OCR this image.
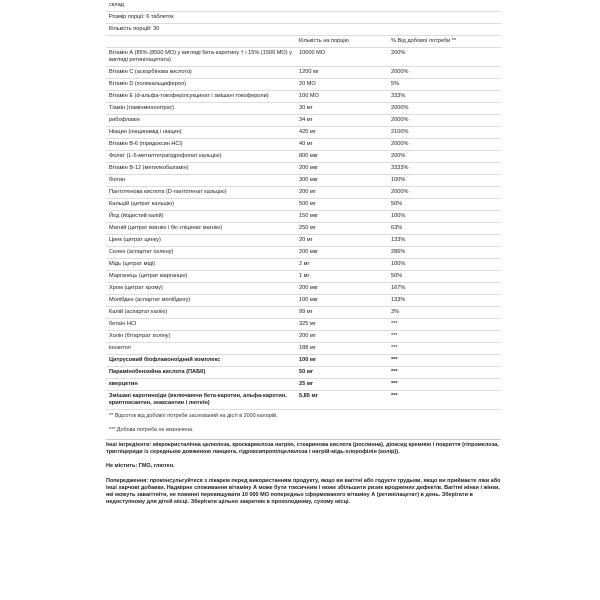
склад		
Розмір порції: 6 таблеток		
Кількість порцій: 30		
	Кількість на порцію	% Від добової потреби **
Вітамін А (85% (8500 МО) у вигляді бета-каротину † і 15% (1500 МО) у вигляді ретинілацетата)	10000 МО	200%
Вітамін С (аскорбінова кислота)	1200 мг	2000%
Вітамін D (холекальциферол)	20 МО	5%
Вітамін Е (d-альфа-токоферілсукцинат і змішані токофероли)	100 МО	333%
Тіамін (тіамінмононітрат)	30 мг	2000%
рибофлавін	34 мг	2000%
Ніацин (ніацинамід і ніацин)	420 мг	2100%
Вітамін B-6 (піридоксин HCl)	40 мг	2000%
Фолат (L-5-метилтетрагідрофолат кальцію)	800 мкг	200%
Вітамін B-12 (метилкобаламін)	200 мкг	3333%
біотин	300 мкг	100%
Пантотенова кислота (D-пантотенат кальцію)	200 мг	2000%
Кальцій (цитрат кальцію)	500 мг	50%
Йод (йодистий калій)	150 мкг	100%
Магній (цитрат магнію і біс-гліцинат магнію)	250 мг	63%
Цинк (цитрат цинку)	20 мг	133%
Селен (аспартат селену)	200 мкг	286%
Мідь (цитрат міді)	2 мг	100%
Марганець (цитрат марганцю)	1 мг	50%
Хром (цитрат хрому)	200 мкг	167%
Молібден (аспартат молібдену)	100 мкг	133%
Калій (аспартат калію)	99 мг	3%
бетаїн HCl	325 мг	***
Холін (бітартрат холіну)	200 мг	***
інозитол	188 мг	***
Цитрусовий біофлавоноїдний комплекс	100 мг	***
Парамінобензойна кислота (ПАБК)	50 мг	***
кверцетин	25 мг	***
Змішані каротиноїди (включаючи бета-каротин, альфа-каротин, криптоксантин, зеаксантин і лютеїн)	5,85 мг	***
** Відсоток від добової потреби заснований на дієті в 2000 калорій.
*** Добова потреба не визначена.

Інші інгредієнти: мікрокристалічна целюлоза, кроскармелоза натрію, стеаринова кислота (рослинна), діоксид кремнію і покриття (гіпромелоза, тригліцериди із середньою довжиною ланцюга, гідроксипропілцелюлоза і натрій-мідь-хлорофілін (колір)).

Не містить: ГМО, глютен.

Попередження: проконсультуйтеся з лікарем перед використанням продукту, якщо ви вагітні або годуєте грудьми, якщо ви приймаєте ліки або інші харчові добавки. Надмірне споживання вітаміну А може бути токсичним і може збільшити ризик вроджених дефектів. Вагітні жінки і жінки, які можуть завагітніти, не повинні перевищувати 10 000 МО попередньо сформованого вітаміну А (ретинілацетат) в день. Зберігати в недоступному для дітей місці. Зберігати щільно закритим в прохолодному, сухому місці.
